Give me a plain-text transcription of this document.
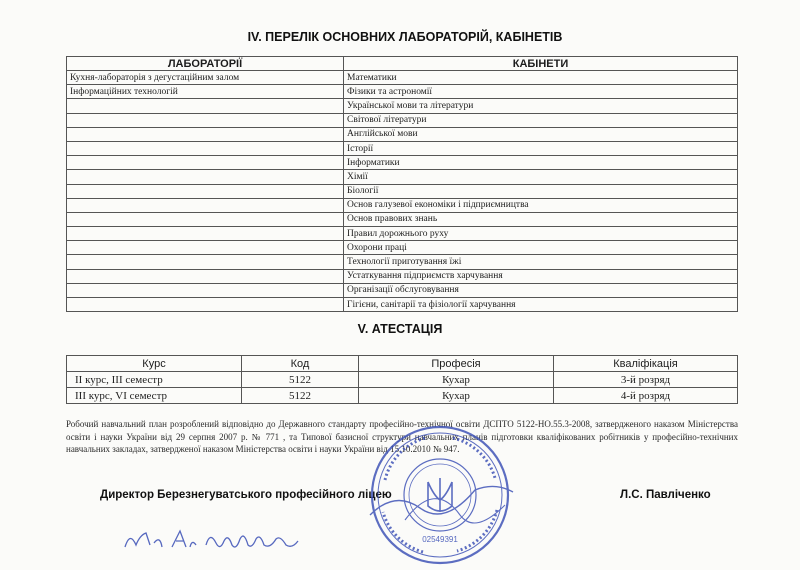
IV. ПЕРЕЛІК ОСНОВНИХ ЛАБОРАТОРІЙ, КАБІНЕТІВ
ЛАБОРАТОРІЇ	КАБІНЕТИ
Кухня-лабораторія з дегустаційним залом	Математики
Інформаційних технологій	Фізики та астрономії
	Української мови та літератури
	Світової літератури
	Англійської мови
	Історії
	Інформатики
	Хімії
	Біології
	Основ галузевої економіки і підприємництва
	Основ правових знань
	Правил дорожнього руху
	Охорони праці
	Технології приготування їжі
	Устаткування підприємств харчування
	Організації обслуговування
	Гігієни, санітарії та фізіології харчування
V. АТЕСТАЦІЯ
Курс	Код	Професія	Кваліфікація
ІІ курс, ІІІ семестр	5122	Кухар	3-й розряд
ІІІ курс, VІ семестр	5122	Кухар	4-й розряд
Робочий навчальний план розроблений відповідно до Державного стандарту професійно-технічної освіти ДСПТО 5122-НО.55.3-2008, затвердженого наказом Міністерства освіти і науки України від 29 серпня 2007 р. № 771 , та Типової базисної структури навчальних планів підготовки кваліфікованих робітників у професійно-технічних навчальних закладах, затвердженої наказом Міністерства освіти і науки України від 15.10.2010 № 947.
Директор Березнегуватського професійного ліцею	Л.С. Павліченко
02549391
